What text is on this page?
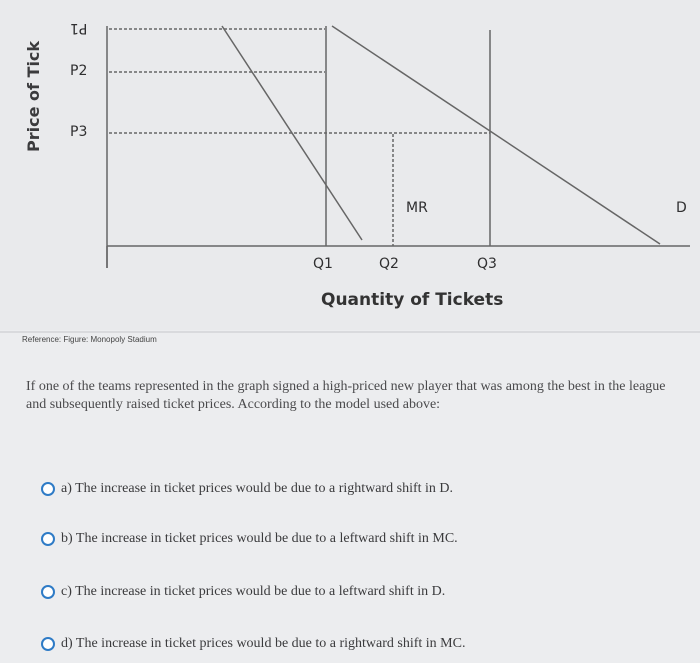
Price of Tick
P1
P2
P3
MR	D
Q1	Q2	Q3
Quantity of Tickets
Reference: Figure: Monopoly Stadium
If one of the teams represented in the graph signed a high-priced new player that was among the best in the league and subsequently raised ticket prices. According to the model used above:
a) The increase in ticket prices would be due to a rightward shift in D.
b) The increase in ticket prices would be due to a leftward shift in MC.
c) The increase in ticket prices would be due to a leftward shift in D.
d) The increase in ticket prices would be due to a rightward shift in MC.
